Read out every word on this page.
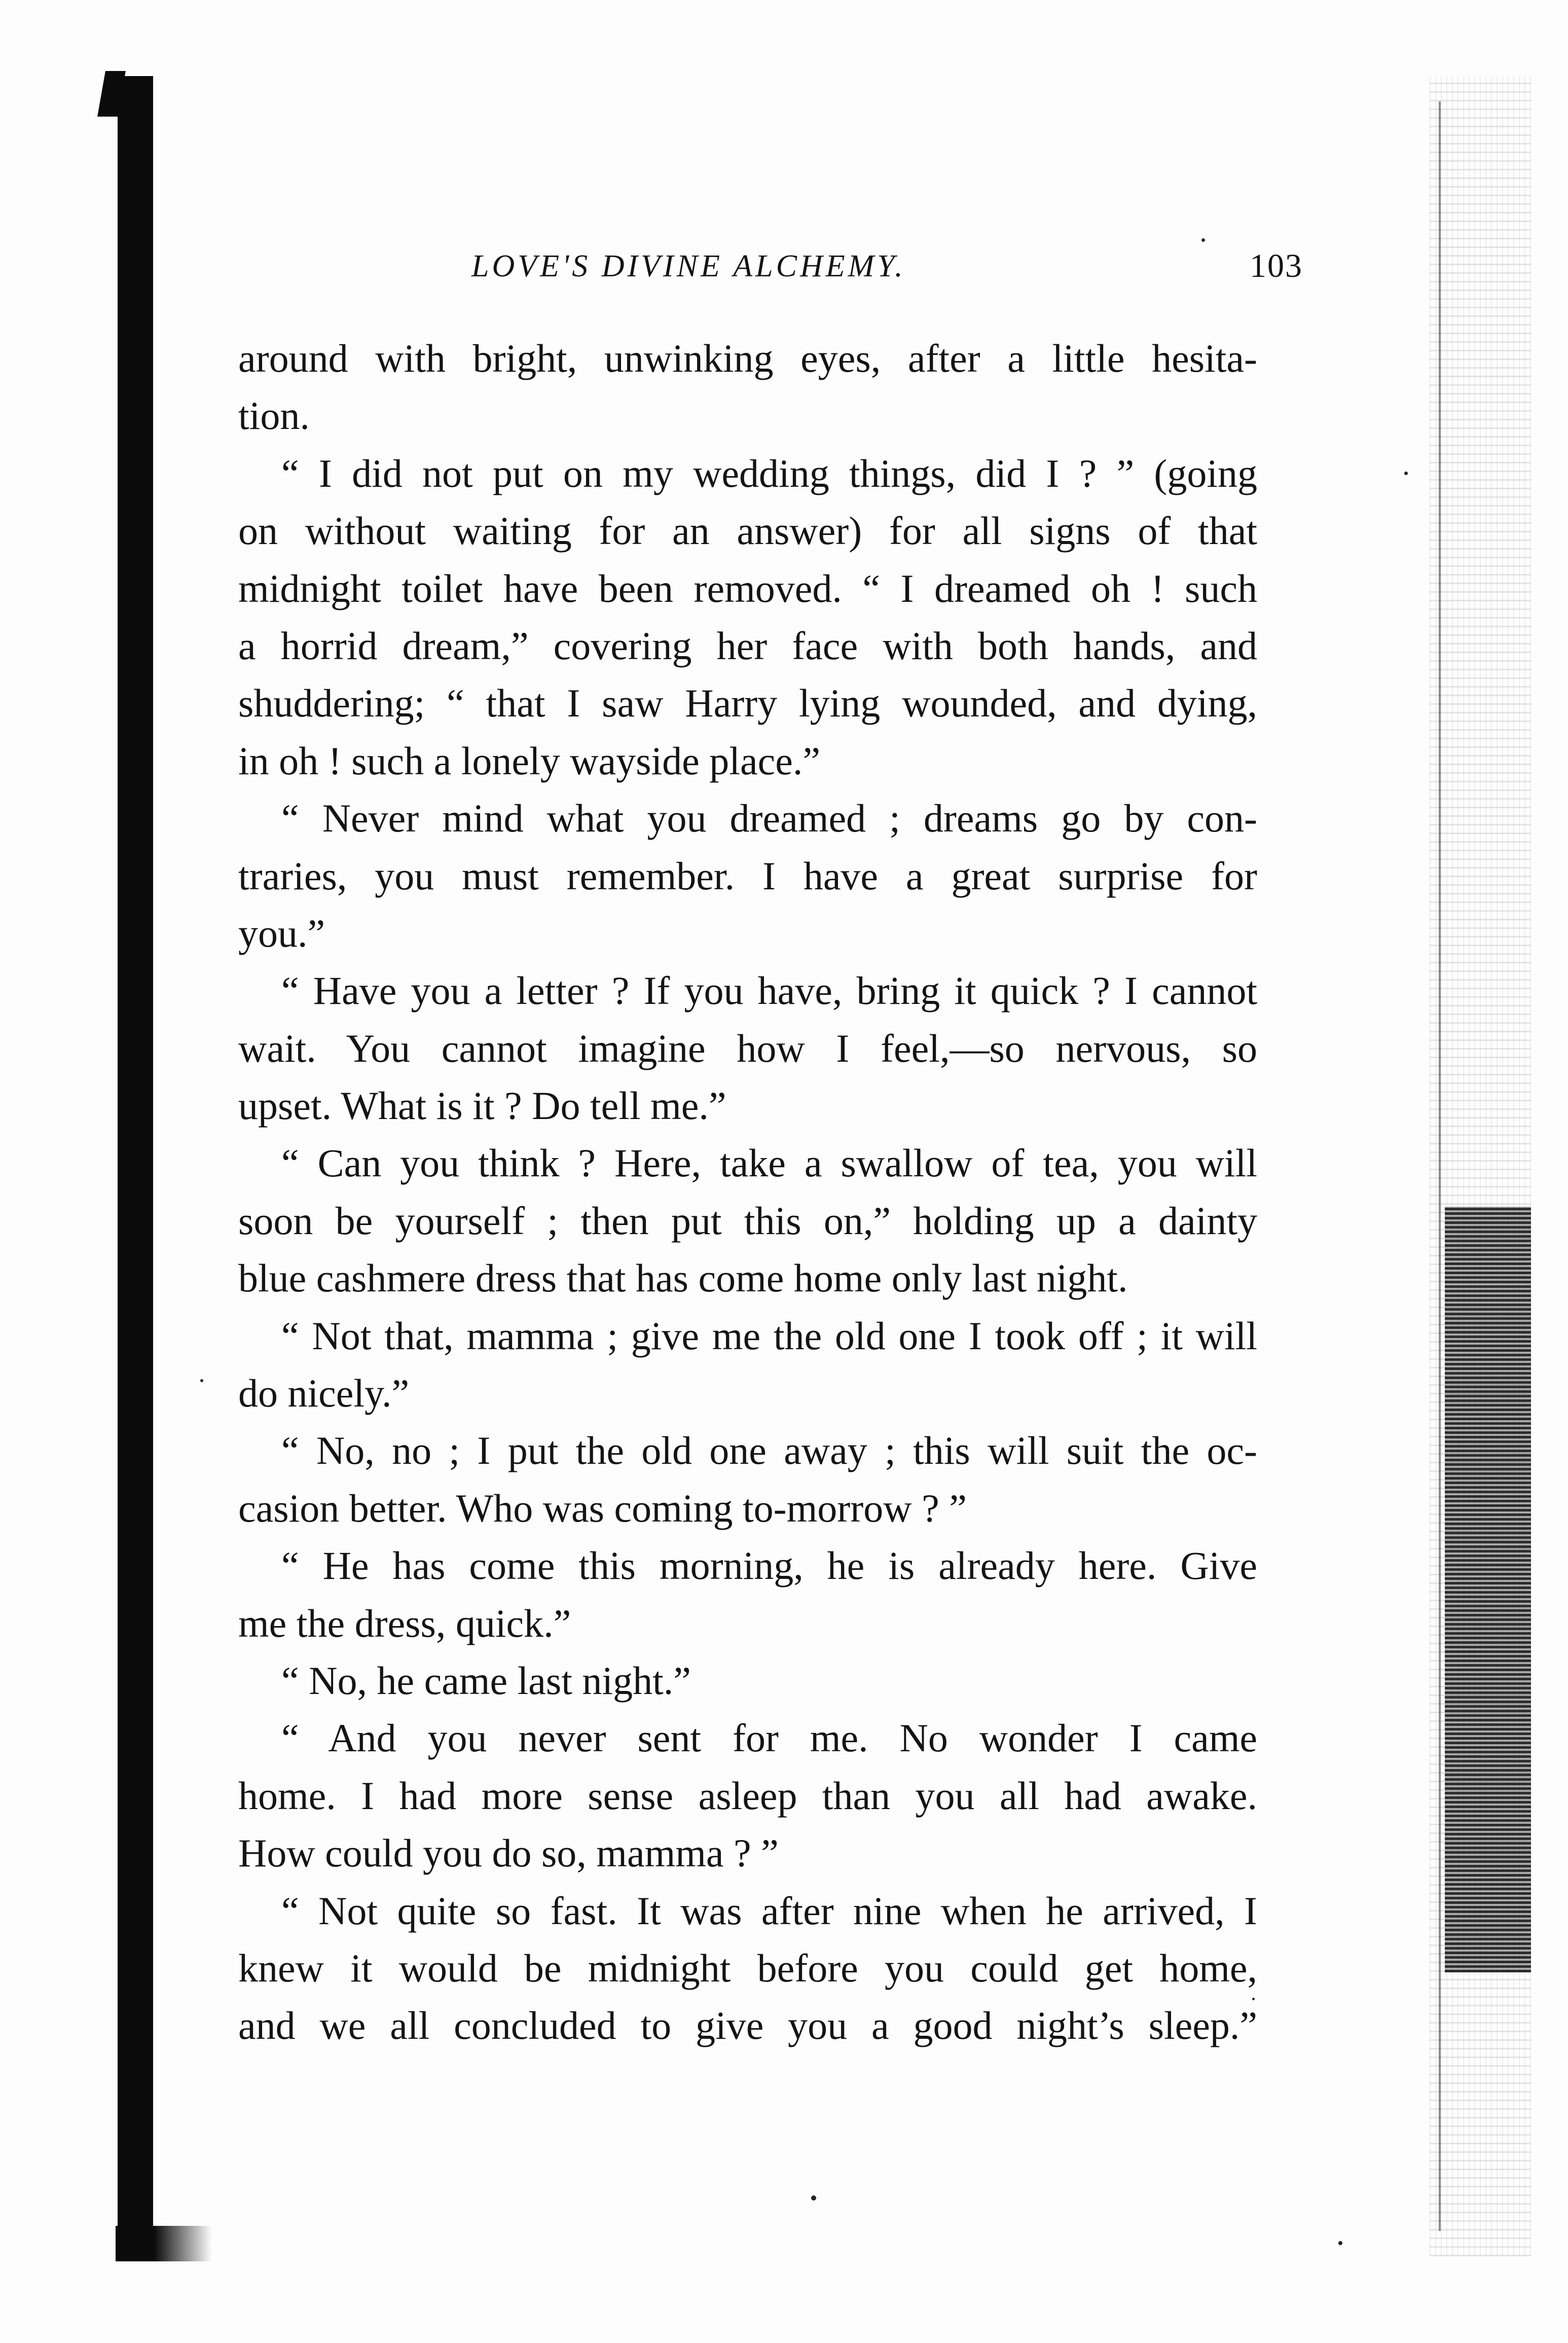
LOVE'S DIVINE ALCHEMY.	103
around with bright, unwinking eyes, after a little hesita-
tion.
“ I did not put on my wedding things, did I ? ” (going
on without waiting for an answer) for all signs of that
midnight toilet have been removed. “ I dreamed oh ! such
a horrid dream,” covering her face with both hands, and
shuddering; “ that I saw Harry lying wounded, and dying,
in oh ! such a lonely wayside place.”
“ Never mind what you dreamed ; dreams go by con-
traries, you must remember. I have a great surprise for
you.”
“ Have you a letter ? If you have, bring it quick ? I cannot
wait. You cannot imagine how I feel,—so nervous, so
upset. What is it ? Do tell me.”
“ Can you think ? Here, take a swallow of tea, you will
soon be yourself ; then put this on,” holding up a dainty
blue cashmere dress that has come home only last night.
“ Not that, mamma ; give me the old one I took off ; it will
do nicely.”
“ No, no ; I put the old one away ; this will suit the oc-
casion better. Who was coming to-morrow ? ”
“ He has come this morning, he is already here. Give
me the dress, quick.”
“ No, he came last night.”
“ And you never sent for me. No wonder I came
home. I had more sense asleep than you all had awake.
How could you do so, mamma ? ”
“ Not quite so fast. It was after nine when he arrived, I
knew it would be midnight before you could get home,
and we all concluded to give you a good night’s sleep.”
